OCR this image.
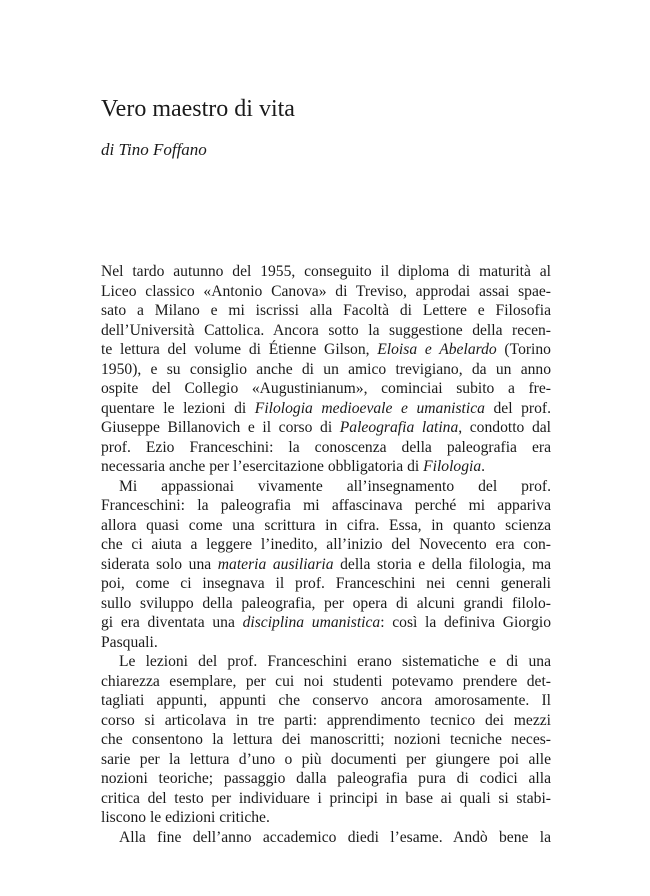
Vero maestro di vita

di Tino Foffano

Nel tardo autunno del 1955, conseguito il diploma di maturità al
Liceo classico «Antonio Canova» di Treviso, approdai assai spae-
sato a Milano e mi iscrissi alla Facoltà di Lettere e Filosofia
dell’Università Cattolica. Ancora sotto la suggestione della recen-
te lettura del volume di Étienne Gilson, Eloisa e Abelardo (Torino
1950), e su consiglio anche di un amico trevigiano, da un anno
ospite del Collegio «Augustinianum», cominciai subito a fre-
quentare le lezioni di Filologia medioevale e umanistica del prof.
Giuseppe Billanovich e il corso di Paleografia latina, condotto dal
prof. Ezio Franceschini: la conoscenza della paleografia era
necessaria anche per l’esercitazione obbligatoria di Filologia.
Mi appassionai vivamente all’insegnamento del prof.
Franceschini: la paleografia mi affascinava perché mi appariva
allora quasi come una scrittura in cifra. Essa, in quanto scienza
che ci aiuta a leggere l’inedito, all’inizio del Novecento era con-
siderata solo una materia ausiliaria della storia e della filologia, ma
poi, come ci insegnava il prof. Franceschini nei cenni generali
sullo sviluppo della paleografia, per opera di alcuni grandi filolo-
gi era diventata una disciplina umanistica: così la definiva Giorgio
Pasquali.
Le lezioni del prof. Franceschini erano sistematiche e di una
chiarezza esemplare, per cui noi studenti potevamo prendere det-
tagliati appunti, appunti che conservo ancora amorosamente. Il
corso si articolava in tre parti: apprendimento tecnico dei mezzi
che consentono la lettura dei manoscritti; nozioni tecniche neces-
sarie per la lettura d’uno o più documenti per giungere poi alle
nozioni teoriche; passaggio dalla paleografia pura di codici alla
critica del testo per individuare i principi in base ai quali si stabi-
liscono le edizioni critiche.
Alla fine dell’anno accademico diedi l’esame. Andò bene la
